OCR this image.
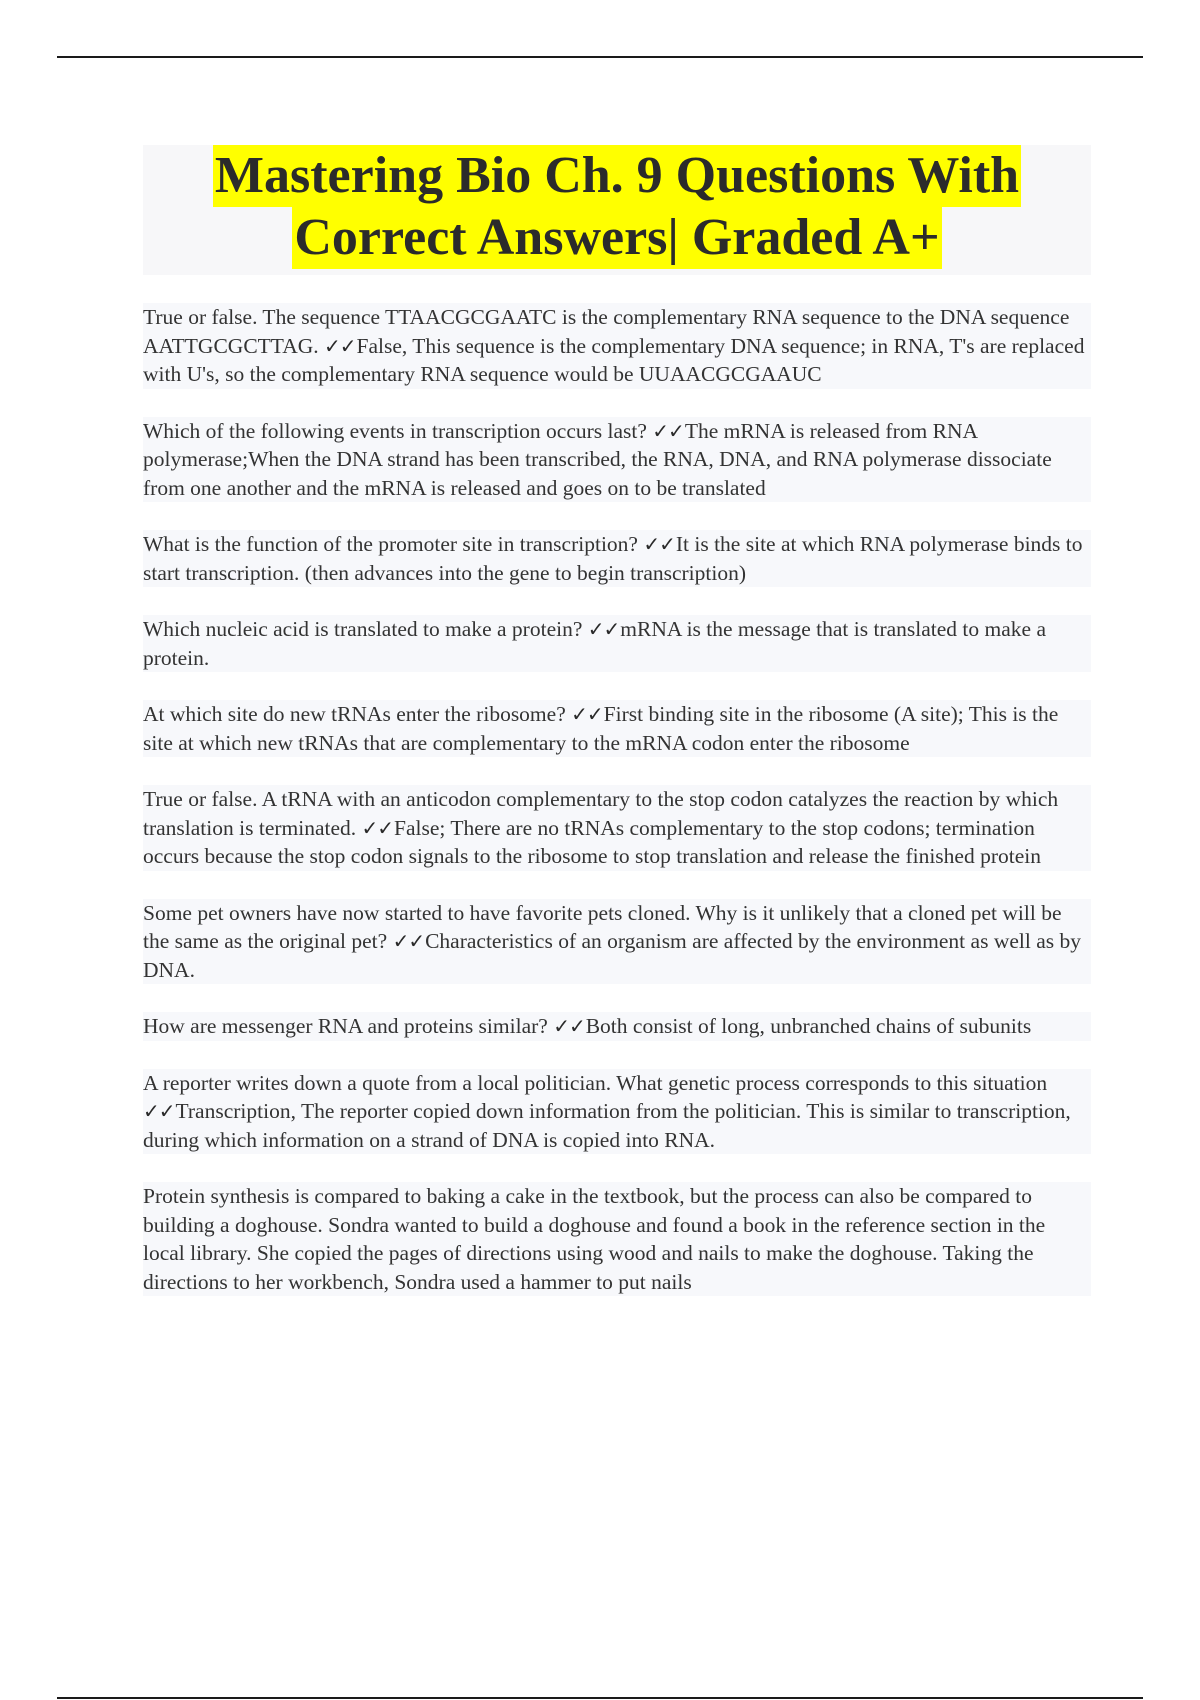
Mastering Bio Ch. 9 Questions With
Correct Answers| Graded A+

True or false. The sequence TTAACGCGAATC is the complementary RNA sequence to the DNA sequence AATTGCGCTTAG. ✓✓False, This sequence is the complementary DNA sequence; in RNA, T's are replaced with U's, so the complementary RNA sequence would be UUAACGCGAAUC

Which of the following events in transcription occurs last? ✓✓The mRNA is released from RNA polymerase;When the DNA strand has been transcribed, the RNA, DNA, and RNA polymerase dissociate from one another and the mRNA is released and goes on to be translated

What is the function of the promoter site in transcription? ✓✓It is the site at which RNA polymerase binds to start transcription. (then advances into the gene to begin transcription)

Which nucleic acid is translated to make a protein? ✓✓mRNA is the message that is translated to make a protein.

At which site do new tRNAs enter the ribosome? ✓✓First binding site in the ribosome (A site); This is the site at which new tRNAs that are complementary to the mRNA codon enter the ribosome

True or false. A tRNA with an anticodon complementary to the stop codon catalyzes the reaction by which translation is terminated. ✓✓False; There are no tRNAs complementary to the stop codons; termination occurs because the stop codon signals to the ribosome to stop translation and release the finished protein

Some pet owners have now started to have favorite pets cloned. Why is it unlikely that a cloned pet will be the same as the original pet? ✓✓Characteristics of an organism are affected by the environment as well as by DNA.

How are messenger RNA and proteins similar? ✓✓Both consist of long, unbranched chains of subunits

A reporter writes down a quote from a local politician. What genetic process corresponds to this situation ✓✓Transcription, The reporter copied down information from the politician. This is similar to transcription, during which information on a strand of DNA is copied into RNA.

Protein synthesis is compared to baking a cake in the textbook, but the process can also be compared to building a doghouse. Sondra wanted to build a doghouse and found a book in the reference section in the local library. She copied the pages of directions using wood and nails to make the doghouse. Taking the directions to her workbench, Sondra used a hammer to put nails
